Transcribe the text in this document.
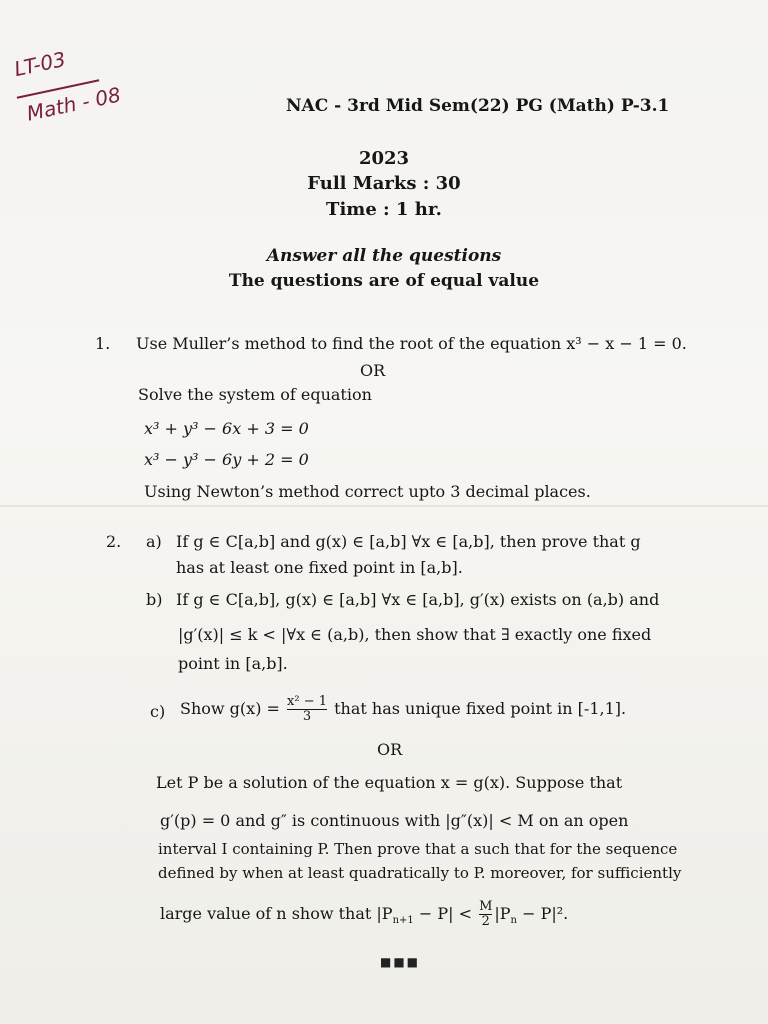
LT-03
Math - 08	NAC - 3rd Mid Sem(22) PG (Math) P-3.1
2023
Full Marks : 30
Time : 1 hr.
Answer all the questions
The questions are of equal value
1. Use Muller’s method to find the root of the equation x³ − x − 1 = 0.
OR
Solve the system of equation
x³ + y³ − 6x + 3 = 0
x³ − y³ − 6y + 2 = 0
Using Newton’s method correct upto 3 decimal places.
2. a) If g ∈ C[a,b] and g(x) ∈ [a,b] ∀x ∈ [a,b], then prove that g
has at least one fixed point in [a,b].
b) If g ∈ C[a,b], g(x) ∈ [a,b] ∀x ∈ [a,b], g′(x) exists on (a,b) and
|g′(x)| ≤ k < |∀x ∈ (a,b), then show that ∃ exactly one fixed
point in [a,b].
c) Show $g(x) = \frac{\text{x² − 1}}{3}$ that has unique fixed point in [-1,1].
OR
Let P be a solution of the equation x = g(x). Suppose that
g′(p) = 0 and g″ is continuous with |g″(x)| < M on an open
interval I containing P. Then prove that a such that for the sequence
defined by when at least quadratically to P. moreover, for sufficiently
large value of n show that $|P_{n+1} - P| < \frac{M}{2} |P_n - P|^2$.
■■■
